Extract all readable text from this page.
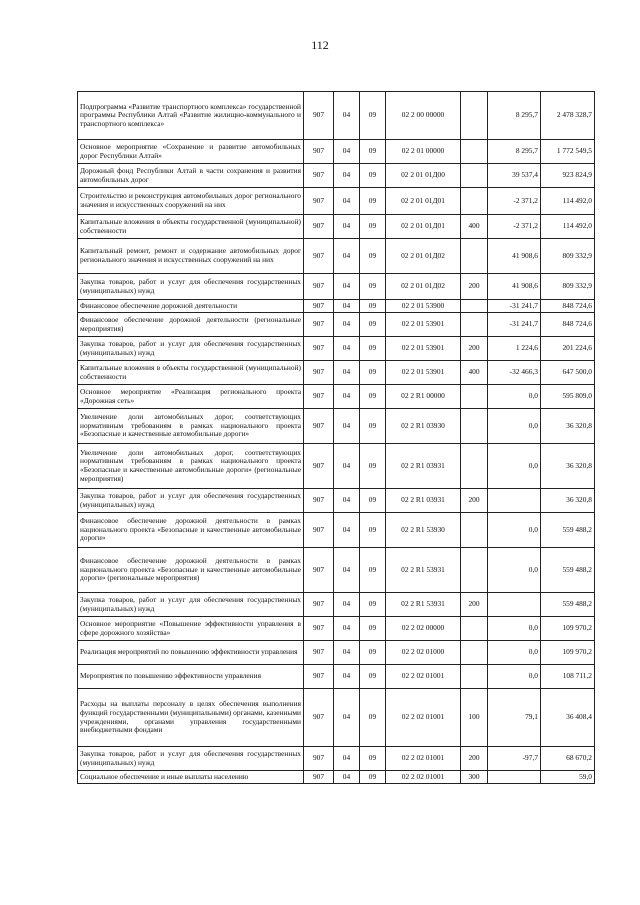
112
Подпрограмма «Развитие транспортного комплекса» государственной программы Республики Алтай «Развитие жилищно-коммунального и транспортного комплекса»	907	04	09	02 2 00 00000		8 295,7	2 478 328,7
Основное мероприятие «Сохранение и развитие автомобильных дорог Республики Алтай»	907	04	09	02 2 01 00000		8 295,7	1 772 549,5
Дорожный фонд Республики Алтай в части сохранения и развития автомобильных дорог	907	04	09	02 2 01 01Д00		39 537,4	923 824,9
Строительство и реконструкция автомобильных дорог регионального значения и искусственных сооружений на них	907	04	09	02 2 01 01Д01		-2 371,2	114 492,0
Капитальные вложения в объекты государственной (муниципальной) собственности	907	04	09	02 2 01 01Д01	400	-2 371,2	114 492,0
Капитальный ремонт, ремонт и содержание автомобильных дорог регионального значения и искусственных сооружений на них	907	04	09	02 2 01 01Д02		41 908,6	809 332,9
Закупка товаров, работ и услуг для обеспечения государственных (муниципальных) нужд	907	04	09	02 2 01 01Д02	200	41 908,6	809 332,9
Финансовое обеспечение дорожной деятельности	907	04	09	02 2 01 53900		-31 241,7	848 724,6
Финансовое обеспечение дорожной деятельности (региональные мероприятия)	907	04	09	02 2 01 53901		-31 241,7	848 724,6
Закупка товаров, работ и услуг для обеспечения государственных (муниципальных) нужд	907	04	09	02 2 01 53901	200	1 224,6	201 224,6
Капитальные вложения в объекты государственной (муниципальной) собственности	907	04	09	02 2 01 53901	400	-32 466,3	647 500,0
Основное мероприятие «Реализация регионального проекта «Дорожная сеть»	907	04	09	02 2 R1 00000		0,0	595 809,0
Увеличение доли автомобильных дорог, соответствующих нормативным требованиям в рамках национального проекта «Безопасные и качественные автомобильные дороги»	907	04	09	02 2 R1 03930		0,0	36 320,8
Увеличение доли автомобильных дорог, соответствующих нормативным требованиям в рамках национального проекта «Безопасные и качественные автомобильные дороги» (региональные мероприятия)	907	04	09	02 2 R1 03931		0,0	36 320,8
Закупка товаров, работ и услуг для обеспечения государственных (муниципальных) нужд	907	04	09	02 2 R1 03931	200		36 320,8
Финансовое обеспечение дорожной деятельности в рамках национального проекта «Безопасные и качественные автомобильные дороги»	907	04	09	02 2 R1 53930		0,0	559 488,2
Финансовое обеспечение дорожной деятельности в рамках национального проекта «Безопасные и качественные автомобильные дороги» (региональные мероприятия)	907	04	09	02 2 R1 53931		0,0	559 488,2
Закупка товаров, работ и услуг для обеспечения государственных (муниципальных) нужд	907	04	09	02 2 R1 53931	200		559 488,2
Основное мероприятие «Повышение эффективности управления в сфере дорожного хозяйства»	907	04	09	02 2 02 00000		0,0	109 970,2
Реализация мероприятий по повышению эффективности управления	907	04	09	02 2 02 01000		0,0	109 970,2
Мероприятия по повышению эффективности управления	907	04	09	02 2 02 01001		0,0	108 711,2
Расходы на выплаты персоналу в целях обеспечения выполнения функций государственными (муниципальными) органами, казенными учреждениями, органами управления государственными внебюджетными фондами	907	04	09	02 2 02 01001	100	79,1	36 408,4
Закупка товаров, работ и услуг для обеспечения государственных (муниципальных) нужд	907	04	09	02 2 02 01001	200	-97,7	68 670,2
Социальное обеспечение и иные выплаты населению	907	04	09	02 2 02 01001	300		59,0
